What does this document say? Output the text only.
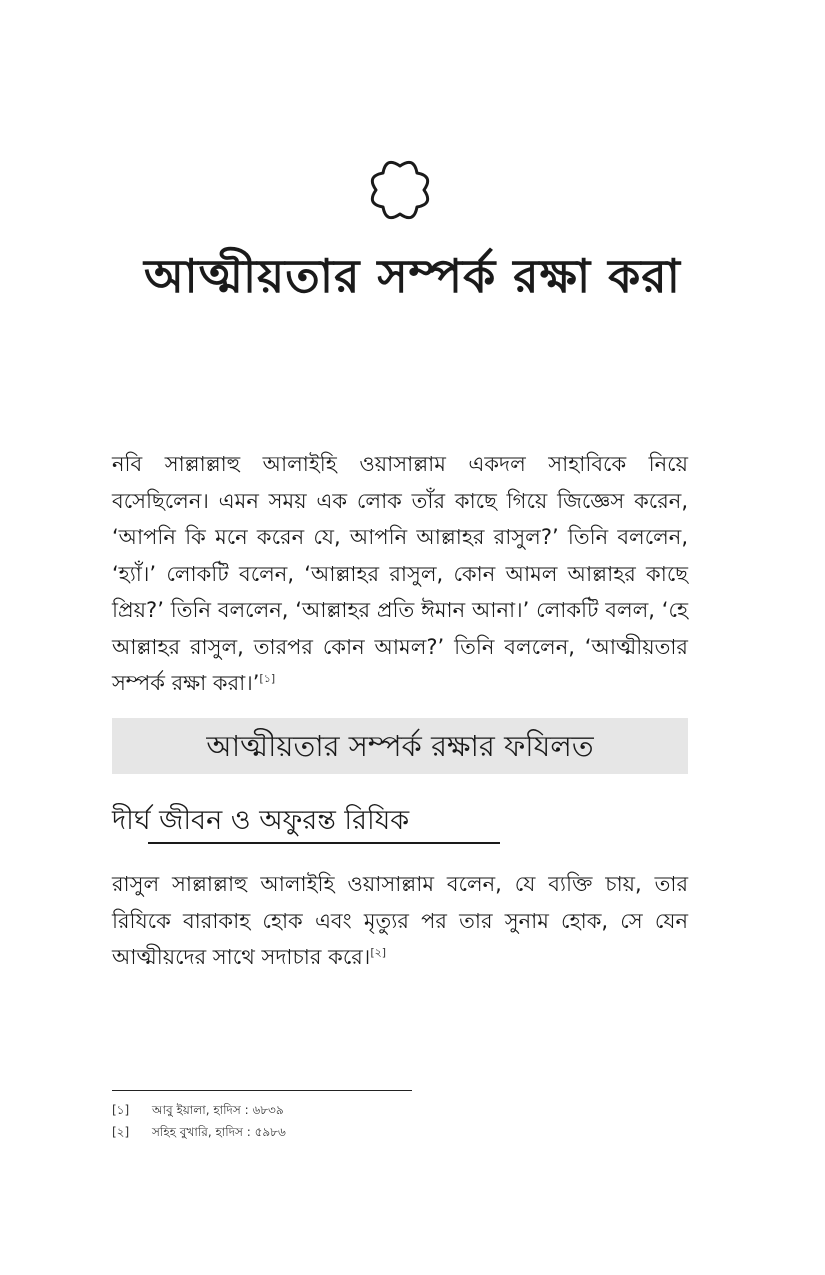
আত্মীয়তার সম্পর্ক রক্ষা করা

নবি সাল্লাল্লাহু আলাইহি ওয়াসাল্লাম একদল সাহাবিকে নিয়ে বসেছিলেন। এমন সময় এক লোক তাঁর কাছে গিয়ে জিজ্ঞেস করেন, ‘আপনি কি মনে করেন যে, আপনি আল্লাহর রাসুল?’ তিনি বললেন, ‘হ্যাঁ।’ লোকটি বলেন, ‘আল্লাহর রাসুল, কোন আমল আল্লাহর কাছে প্রিয়?’ তিনি বললেন, ‘আল্লাহর প্রতি ঈমান আনা।’ লোকটি বলল, ‘হে আল্লাহর রাসুল, তারপর কোন আমল?’ তিনি বললেন, ‘আত্মীয়তার সম্পর্ক রক্ষা করা।’[১]

আত্মীয়তার সম্পর্ক রক্ষার ফযিলত
দীর্ঘ জীবন ও অফুরন্ত রিযিক

রাসুল সাল্লাল্লাহু আলাইহি ওয়াসাল্লাম বলেন, যে ব্যক্তি চায়, তার রিযিকে বারাকাহ হোক এবং মৃত্যুর পর তার সুনাম হোক, সে যেন আত্মীয়দের সাথে সদাচার করে।[২]

[১]	আবু ইয়ালা, হাদিস : ৬৮৩৯
[২]	সহিহ বুখারি, হাদিস : ৫৯৮৬
